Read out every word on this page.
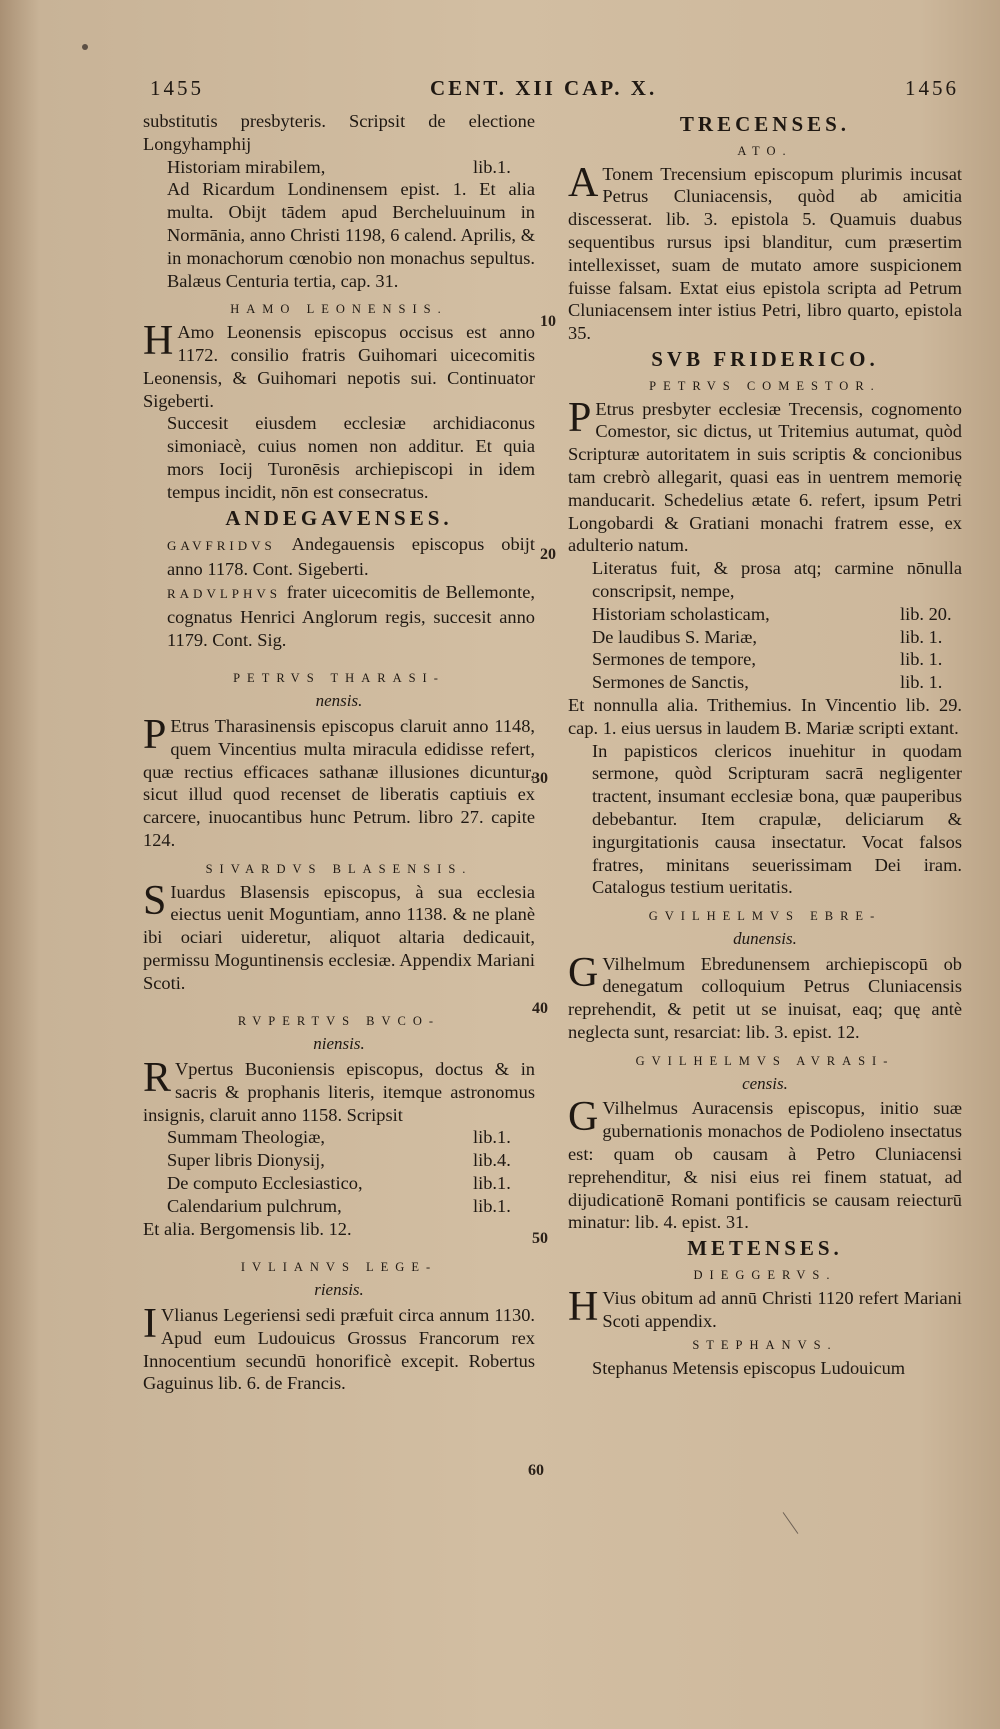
1455	CENT. XII CAP. X.	1456

substitutis presbyteris. Scripsit de electione Longyhamphij

Historiam mirabilem,	lib.1.

Ad Ricardum Londinensem epist. 1. Et alia multa. Obijt tādem apud Bercheluuinum in Normānia, anno Christi 1198, 6 calend. Aprilis, & in monachorum cœnobio non monachus sepultus. Balæus Centuria tertia, cap. 31.

HAMO LEONENSIS.

H Amo Leonensis episcopus occisus est anno 1172. consilio fratris Guihomari uicecomitis Leonensis, & Guihomari nepotis sui. Continuator Sigeberti.

Succesit eiusdem ecclesiæ archidiaconus simoniacè, cuius nomen non additur. Et quia mors Iocij Turonēsis archiepiscopi in idem tempus incidit, nōn est consecratus.

ANDEGAVENSES.

GAVFRIDVS Andegauensis episcopus obijt anno 1178. Cont. Sigeberti.

RADVLPHVS frater uicecomitis de Bellemonte, cognatus Henrici Anglorum regis, succesit anno 1179. Cont. Sig.

PETRVS THARASI-
nensis.

P Etrus Tharasinensis episcopus claruit anno 1148, quem Vincentius multa miracula edidisse refert, quæ rectius efficaces sathanæ illusiones dicuntur, sicut illud quod recenset de liberatis captiuis ex carcere, inuocantibus hunc Petrum. libro 27. capite 124.

SIVARDVS BLASENSIS.

S Iuardus Blasensis episcopus, à sua ecclesia eiectus uenit Moguntiam, anno 1138. & ne planè ibi ociari uideretur, aliquot altaria dedicauit, permissu Moguntinensis ecclesiæ. Appendix Mariani Scoti.

RVPERTVS BVCO-
niensis.

R Vpertus Buconiensis episcopus, doctus & in sacris & prophanis literis, itemque astronomus insignis, claruit anno 1158. Scripsit

Summam Theologiæ,	lib.1.
Super libris Dionysij,	lib.4.
De computo Ecclesiastico,	lib.1.
Calendarium pulchrum,	lib.1.

Et alia. Bergomensis lib. 12.

IVLIANVS LEGE-
riensis.

I Vlianus Legeriensi sedi præfuit circa annum 1130. Apud eum Ludouicus Grossus Francorum rex Innocentium secundū honorificè excepit. Robertus Gaguinus lib. 6. de Francis.

10
20
30
40
50
60
TRECENSES.
ATO.

A Tonem Trecensium episcopum plurimis incusat Petrus Cluniacensis, quòd ab amicitia discesserat. lib. 3. epistola 5. Quamuis duabus sequentibus rursus ipsi blanditur, cum præsertim intellexisset, suam de mutato amore suspicionem fuisse falsam. Extat eius epistola scripta ad Petrum Cluniacensem inter istius Petri, libro quarto, epistola 35.

SVB FRIDERICO.
PETRVS COMESTOR.

P Etrus presbyter ecclesiæ Trecensis, cognomento Comestor, sic dictus, ut Tritemius autumat, quòd Scripturæ autoritatem in suis scriptis & concionibus tam crebrò allegarit, quasi eas in uentrem memorię manducarit. Schedelius ætate 6. refert, ipsum Petri Longobardi & Gratiani monachi fratrem esse, ex adulterio natum.

Literatus fuit, & prosa atq; carmine nōnulla conscripsit, nempe,

Historiam scholasticam,	lib. 20.
De laudibus S. Mariæ,	lib. 1.
Sermones de tempore,	lib. 1.
Sermones de Sanctis,	lib. 1.

Et nonnulla alia. Trithemius. In Vincentio lib. 29. cap. 1. eius uersus in laudem B. Mariæ scripti extant.

In papisticos clericos inuehitur in quodam sermone, quòd Scripturam sacrā negligenter tractent, insumant ecclesiæ bona, quæ pauperibus debebantur. Item crapulæ, deliciarum & ingurgitationis causa insectatur. Vocat falsos fratres, minitans seuerissimam Dei iram. Catalogus testium ueritatis.

GVILHELMVS EBRE-
dunensis.

G Vilhelmum Ebredunensem archiepiscopū ob denegatum colloquium Petrus Cluniacensis reprehendit, & petit ut se inuisat, eaq; quę antè neglecta sunt, resarciat: lib. 3. epist. 12.

GVILHELMVS AVRASI-
censis.

G Vilhelmus Auracensis episcopus, initio suæ gubernationis monachos de Podioleno insectatus est: quam ob causam à Petro Cluniacensi reprehenditur, & nisi eius rei finem statuat, ad dijudicationē Romani pontificis se causam reiecturū minatur: lib. 4. epist. 31.

METENSES.
DIEGGERVS.

H Vius obitum ad annū Christi 1120 refert Mariani Scoti appendix.

STEPHANVS.

Stephanus Metensis episcopus Ludouicum
